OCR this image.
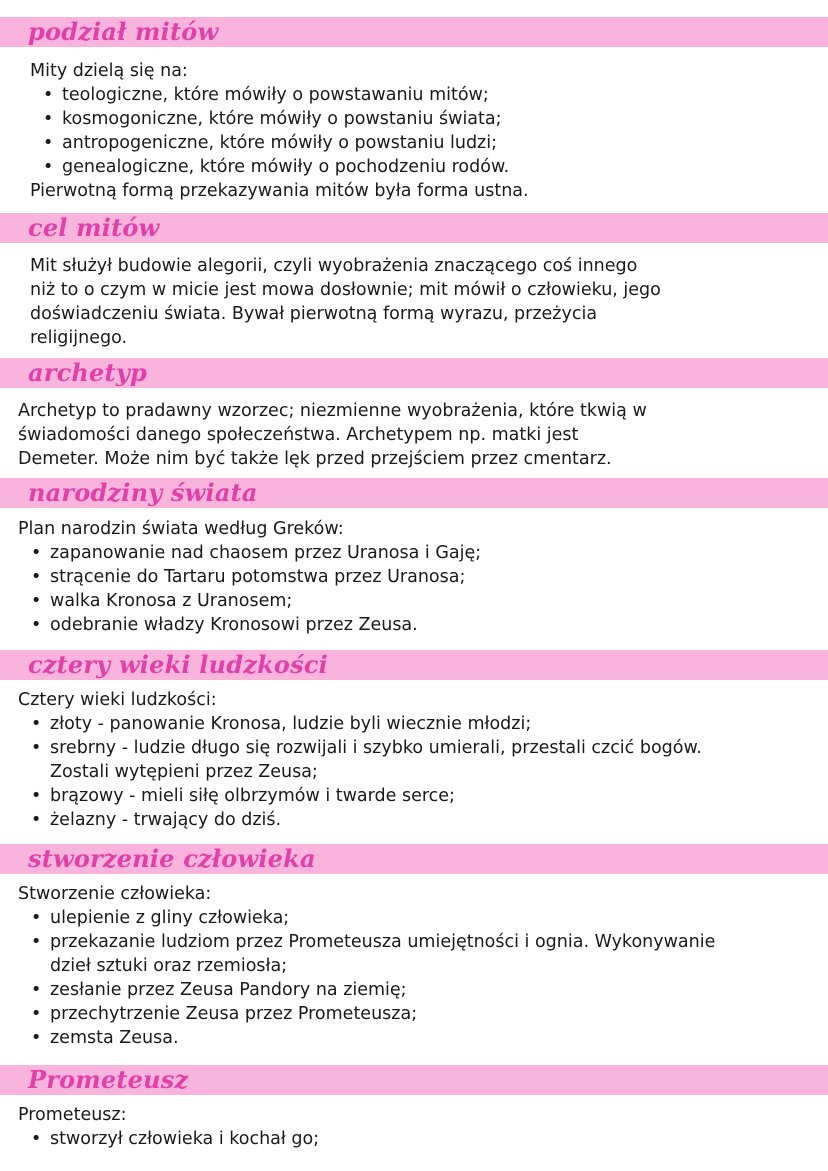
podział mitów

Mity dzielą się na:

• teologiczne, które mówiły o powstawaniu mitów;
• kosmogoniczne, które mówiły o powstaniu świata;
• antropogeniczne, które mówiły o powstaniu ludzi;
• genealogiczne, które mówiły o pochodzeniu rodów.

Pierwotną formą przekazywania mitów była forma ustna.

cel mitów

Mit służył budowie alegorii, czyli wyobrażenia znaczącego coś innego

niż to o czym w micie jest mowa dosłownie; mit mówił o człowieku, jego

doświadczeniu świata. Bywał pierwotną formą wyrazu, przeżycia

religijnego.

archetyp

Archetyp to pradawny wzorzec; niezmienne wyobrażenia, które tkwią w

świadomości danego społeczeństwa. Archetypem np. matki jest

Demeter. Może nim być także lęk przed przejściem przez cmentarz.

narodziny świata

Plan narodzin świata według Greków:

• zapanowanie nad chaosem przez Uranosa i Gaję;
• strącenie do Tartaru potomstwa przez Uranosa;
• walka Kronosa z Uranosem;
• odebranie władzy Kronosowi przez Zeusa.
cztery wieki ludzkości

Cztery wieki ludzkości:

• złoty - panowanie Kronosa, ludzie byli wiecznie młodzi;
• srebrny - ludzie długo się rozwijali i szybko umierali, przestali czcić bogów. Zostali wytępieni przez Zeusa;
• brązowy - mieli siłę olbrzymów i twarde serce;
• żelazny - trwający do dziś.
stworzenie człowieka

Stworzenie człowieka:

• ulepienie z gliny człowieka;
• przekazanie ludziom przez Prometeusza umiejętności i ognia. Wykonywanie dzieł sztuki oraz rzemiosła;
• zesłanie przez Zeusa Pandory na ziemię;
• przechytrzenie Zeusa przez Prometeusza;
• zemsta Zeusa.
Prometeusz

Prometeusz:

• stworzył człowieka i kochał go;
